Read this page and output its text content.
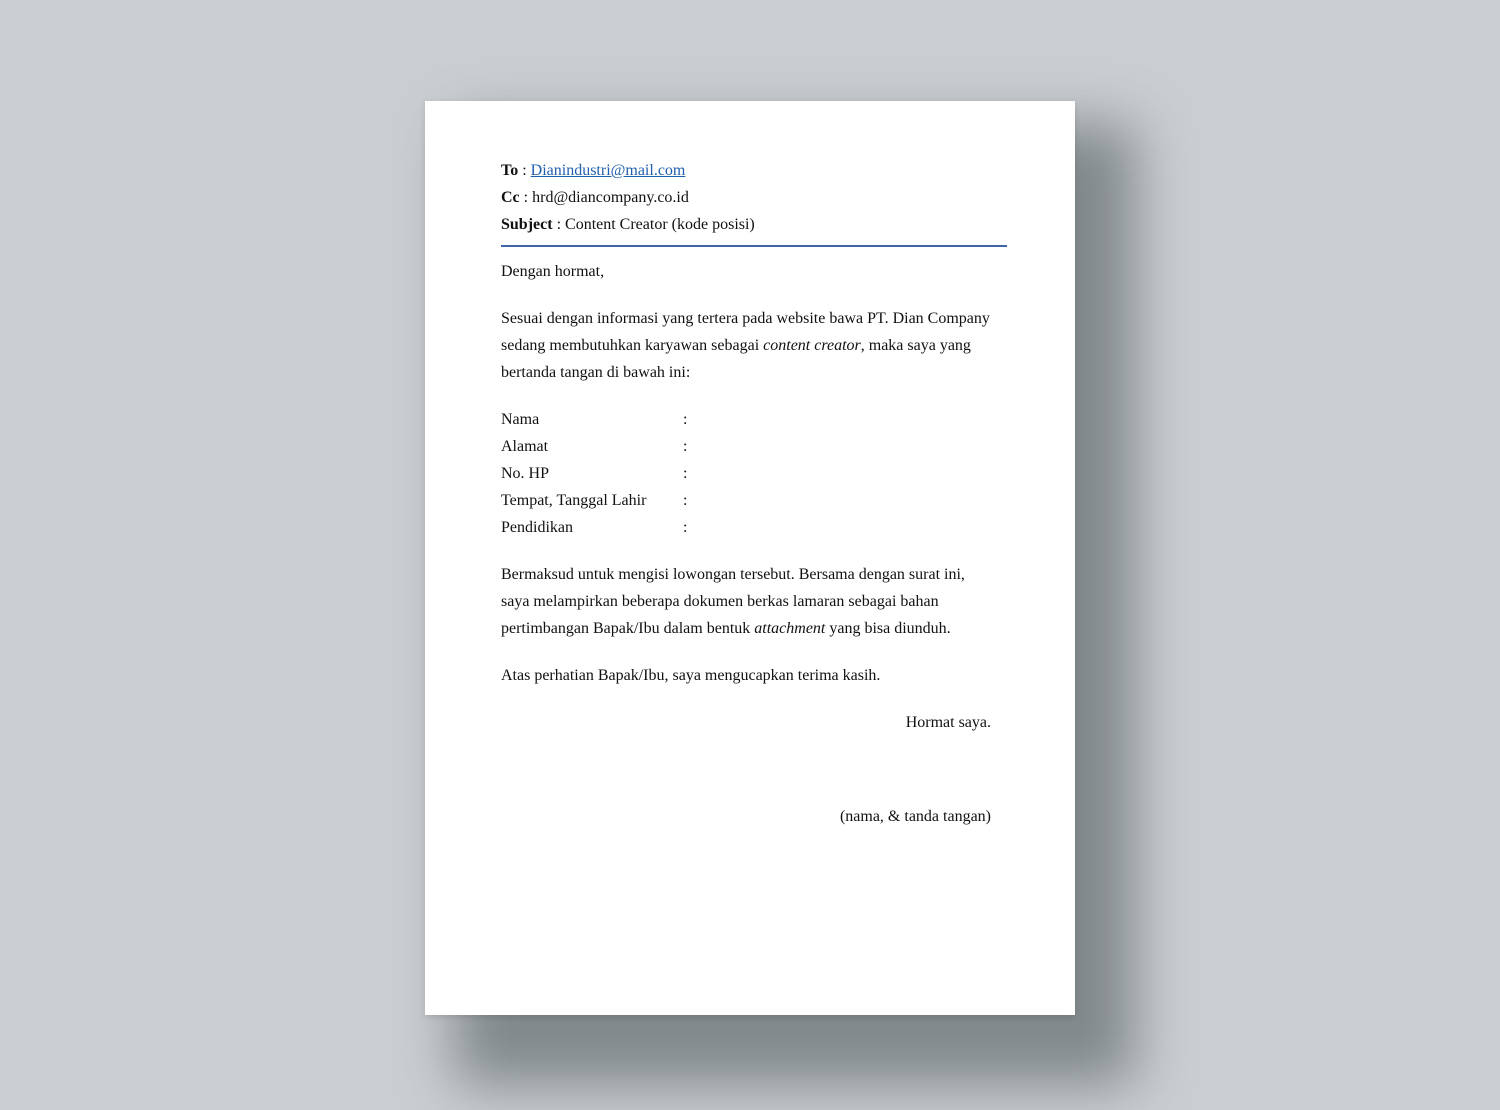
To : Dianindustri@mail.com
Cc : hrd@diancompany.co.id
Subject : Content Creator (kode posisi)

Dengan hormat,

Sesuai dengan informasi yang tertera pada website bawa PT. Dian Company sedang membutuhkan karyawan sebagai content creator, maka saya yang bertanda tangan di bawah ini:

Nama	:
Alamat	:
No. HP	:
Tempat, Tanggal Lahir	:
Pendidikan	:

Bermaksud untuk mengisi lowongan tersebut. Bersama dengan surat ini, saya melampirkan beberapa dokumen berkas lamaran sebagai bahan pertimbangan Bapak/Ibu dalam bentuk attachment yang bisa diunduh.

Atas perhatian Bapak/Ibu, saya mengucapkan terima kasih.

Hormat saya.

(nama, & tanda tangan)
